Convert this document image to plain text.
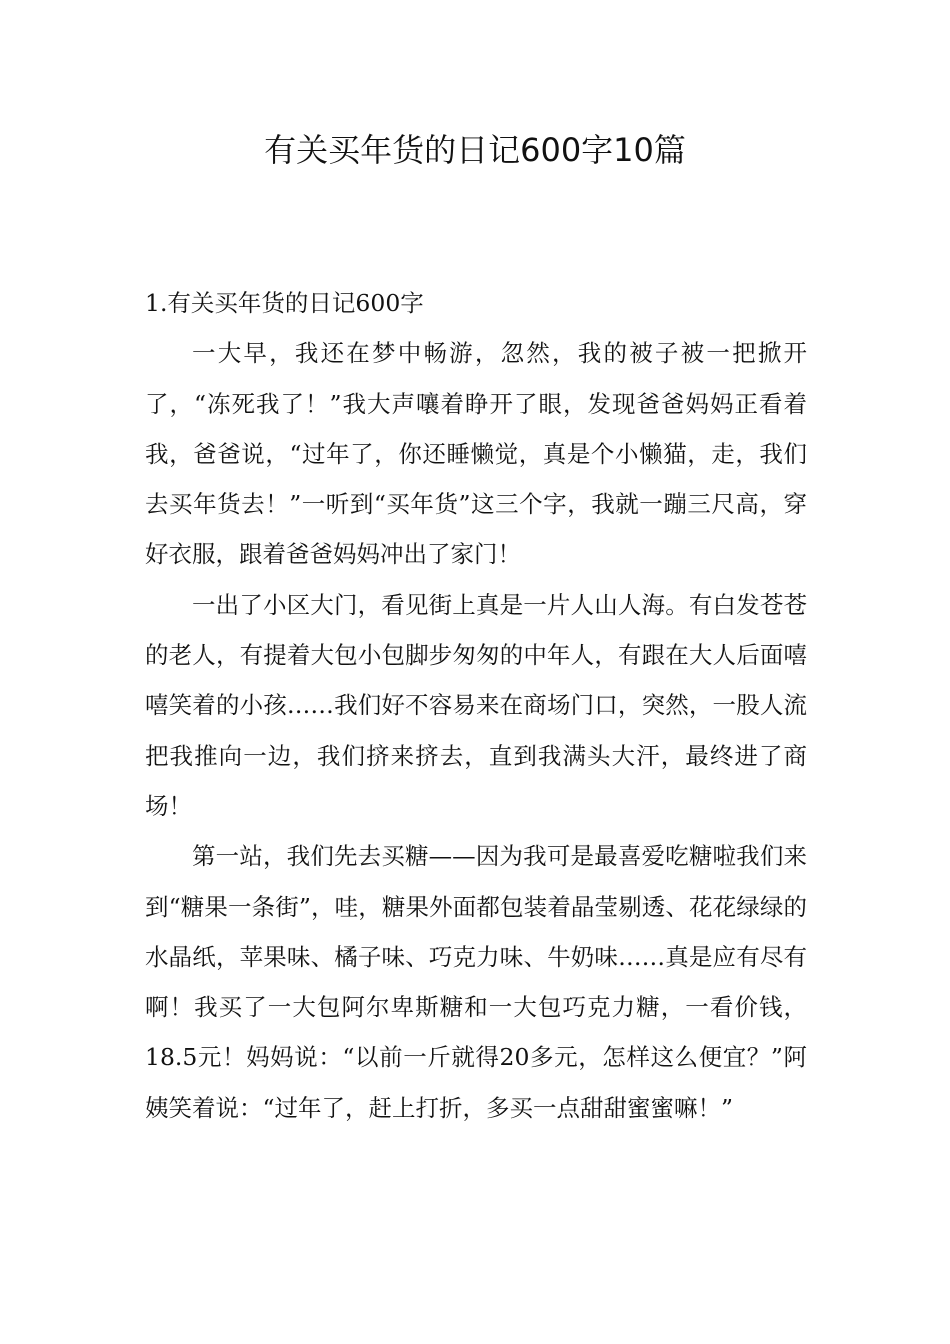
有关买年货的日记600字10篇

1.有关买年货的日记600字

一大早，我还在梦中畅游，忽然，我的被子被一把掀开了，“冻死我了！”我大声嚷着睁开了眼，发现爸爸妈妈正看着我，爸爸说，“过年了，你还睡懒觉，真是个小懒猫，走，我们去买年货去！”一听到“买年货”这三个字，我就一蹦三尺高，穿好衣服，跟着爸爸妈妈冲出了家门！

一出了小区大门，看见街上真是一片人山人海。有白发苍苍的老人，有提着大包小包脚步匆匆的中年人，有跟在大人后面嘻嘻笑着的小孩……我们好不容易来在商场门口，突然，一股人流把我推向一边，我们挤来挤去，直到我满头大汗，最终进了商场！

第一站，我们先去买糖——因为我可是最喜爱吃糖啦我们来到“糖果一条街”，哇，糖果外面都包装着晶莹剔透、花花绿绿的水晶纸，苹果味、橘子味、巧克力味、牛奶味……真是应有尽有啊！我买了一大包阿尔卑斯糖和一大包巧克力糖，一看价钱，18.5元！妈妈说：“以前一斤就得20多元，怎样这么便宜？”阿姨笑着说：“过年了，赶上打折，多买一点甜甜蜜蜜嘛！”
